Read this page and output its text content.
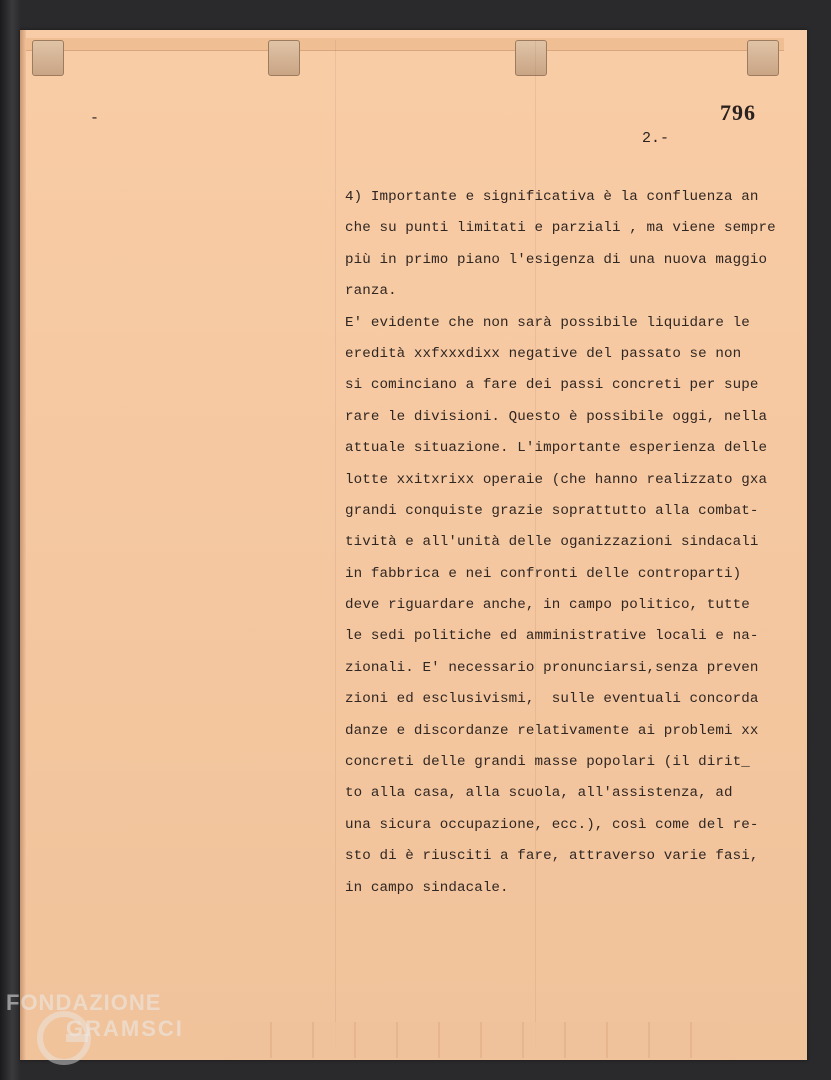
796
2.-
-
4) Importante e significativa è la confluenza an
che su punti limitati e parziali , ma viene sempre
più in primo piano l'esigenza di una nuova maggio
ranza.
E' evidente che non sarà possibile liquidare le
eredità xxfxxxdixx negative del passato se non
si cominciano a fare dei passi concreti per supe
rare le divisioni. Questo è possibile oggi, nella
attuale situazione. L'importante esperienza delle
lotte xxitxrixx operaie (che hanno realizzato gxa
grandi conquiste grazie soprattutto alla combat-
tività e all'unità delle oganizzazioni sindacali
in fabbrica e nei confronti delle controparti)
deve riguardare anche, in campo politico, tutte
le sedi politiche ed amministrative locali e na-
zionali. E' necessario pronunciarsi,senza preven
zioni ed esclusivismi,  sulle eventuali concorda
danze e discordanze relativamente ai problemi xx
concreti delle grandi masse popolari (il dirit_
to alla casa, alla scuola, all'assistenza, ad
una sicura occupazione, ecc.), così come del re-
sto di è riusciti a fare, attraverso varie fasi,
in campo sindacale.
FONDAZIONE
GRAMSCI
